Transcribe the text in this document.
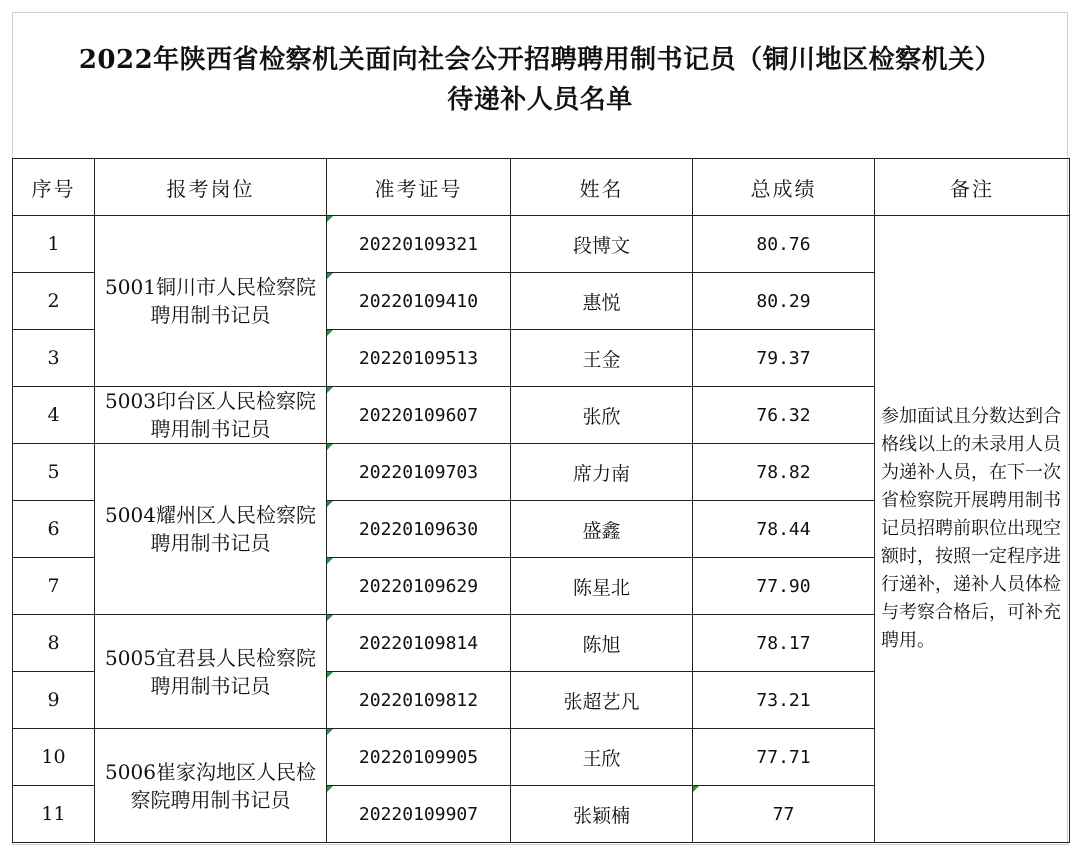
2022年陕西省检察机关面向社会公开招聘聘用制书记员（铜川地区检察机关）
待递补人员名单
序号	报考岗位	准考证号	姓名	总成绩	备注
1	5001铜川市人民检察院聘用制书记员	20220109321	段博文	80.76	参加面试且分数达到合格线以上的未录用人员为递补人员，在下一次省检察院开展聘用制书记员招聘前职位出现空额时，按照一定程序进行递补，递补人员体检与考察合格后，可补充聘用。
2		20220109410	惠悦	80.29	
3		20220109513	王金	79.37	
4	5003印台区人民检察院聘用制书记员	20220109607	张欣	76.32	
5	5004耀州区人民检察院聘用制书记员	20220109703	席力南	78.82	
6		20220109630	盛鑫	78.44	
7		20220109629	陈星北	77.90	
8	5005宜君县人民检察院聘用制书记员	20220109814	陈旭	78.17	
9		20220109812	张超艺凡	73.21	
10	5006崔家沟地区人民检察院聘用制书记员	20220109905	王欣	77.71	
11		20220109907	张颖楠	77	
